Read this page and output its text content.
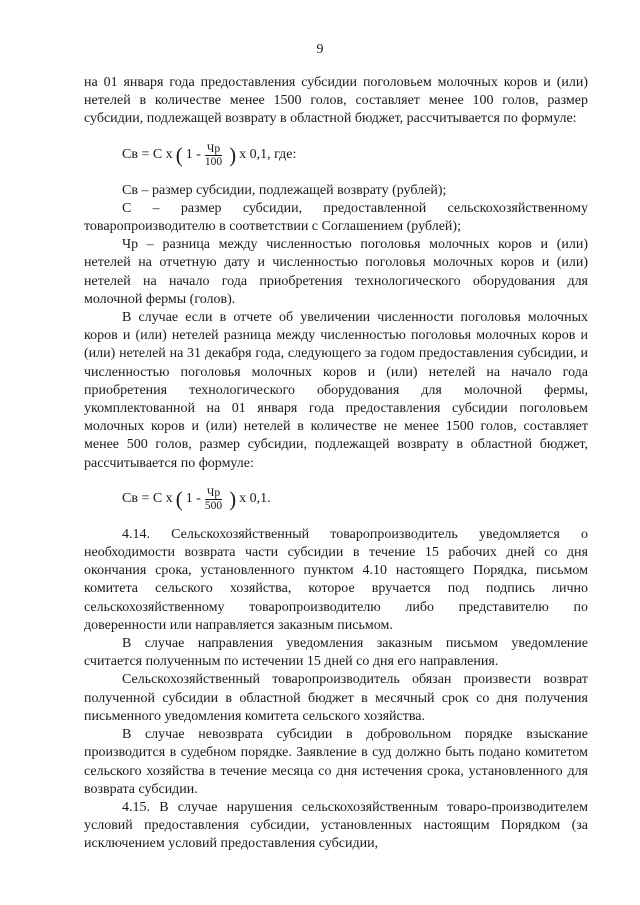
9

на 01 января года предоставления субсидии поголовьем молочных коров и (или) нетелей в количестве менее 1500 голов, составляет менее 100 голов, размер субсидии, подлежащей возврату в областной бюджет, рассчитывается по формуле:

Св = С х ( $1 - \frac{Чр}{100}$ ) х 0,1, где:

Св – размер субсидии, подлежащей возврату (рублей);

С – размер субсидии, предоставленной сельскохозяйственному товаропроизводителю в соответствии с Соглашением (рублей);

Чр – разница между численностью поголовья молочных коров и (или) нетелей на отчетную дату и численностью поголовья молочных коров и (или) нетелей на начало года приобретения технологического оборудования для молочной фермы (голов).

В случае если в отчете об увеличении численности поголовья молочных коров и (или) нетелей разница между численностью поголовья молочных коров и (или) нетелей на 31 декабря года, следующего за годом предоставления субсидии, и численностью поголовья молочных коров и (или) нетелей на начало года приобретения технологического оборудования для молочной фермы, укомплектованной на 01 января года предоставления субсидии поголовьем молочных коров и (или) нетелей в количестве не менее 1500 голов, составляет менее 500 голов, размер субсидии, подлежащей возврату в областной бюджет, рассчитывается по формуле:

Св = С х ( $1 - \frac{Чр}{500}$ ) х 0,1.

4.14. Сельскохозяйственный товаропроизводитель уведомляется о необходимости возврата части субсидии в течение 15 рабочих дней со дня окончания срока, установленного пунктом 4.10 настоящего Порядка, письмом комитета сельского хозяйства, которое вручается под подпись лично сельскохозяйственному товаропроизводителю либо представителю по доверенности или направляется заказным письмом.

В случае направления уведомления заказным письмом уведомление считается полученным по истечении 15 дней со дня его направления.

Сельскохозяйственный товаропроизводитель обязан произвести возврат полученной субсидии в областной бюджет в месячный срок со дня получения письменного уведомления комитета сельского хозяйства.

В случае невозврата субсидии в добровольном порядке взыскание производится в судебном порядке. Заявление в суд должно быть подано комитетом сельского хозяйства в течение месяца со дня истечения срока, установленного для возврата субсидии.

4.15. В случае нарушения сельскохозяйственным товаро-производителем условий предоставления субсидии, установленных настоящим Порядком (за исключением условий предоставления субсидии,
